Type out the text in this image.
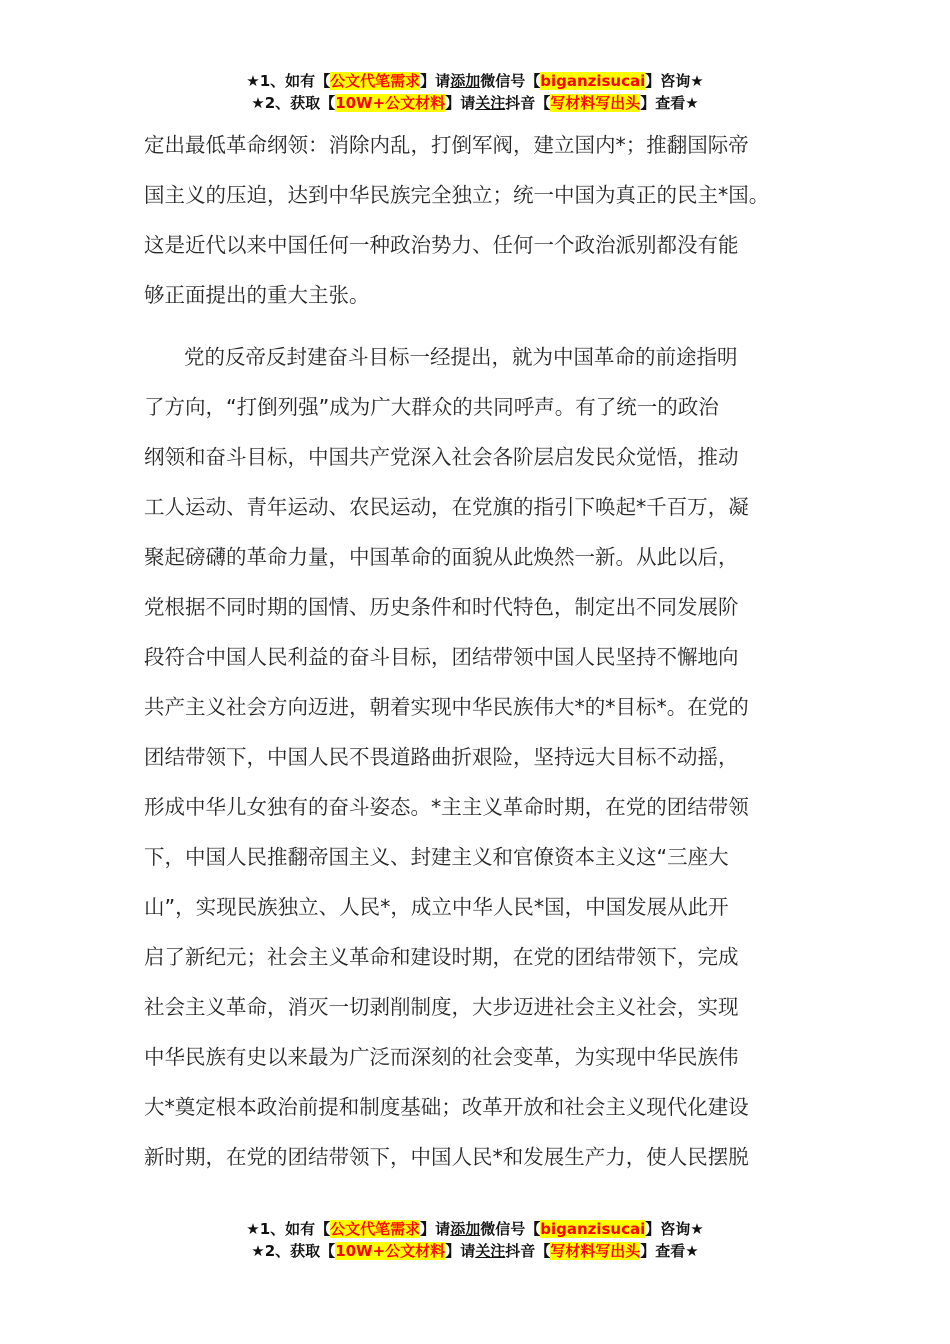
★1、如有【公文代笔需求】请添加微信号【biganzisucai】咨询★
★2、获取【10W+公文材料】请关注抖音【写材料写出头】查看★

定出最低革命纲领：消除内乱，打倒军阀，建立国内*；推翻国际帝
国主义的压迫，达到中华民族完全独立；统一中国为真正的民主*国。
这是近代以来中国任何一种政治势力、任何一个政治派别都没有能
够正面提出的重大主张。

党的反帝反封建奋斗目标一经提出，就为中国革命的前途指明
了方向，“打倒列强”成为广大群众的共同呼声。有了统一的政治
纲领和奋斗目标，中国共产党深入社会各阶层启发民众觉悟，推动
工人运动、青年运动、农民运动，在党旗的指引下唤起*千百万，凝
聚起磅礴的革命力量，中国革命的面貌从此焕然一新。从此以后，
党根据不同时期的国情、历史条件和时代特色，制定出不同发展阶
段符合中国人民利益的奋斗目标，团结带领中国人民坚持不懈地向
共产主义社会方向迈进，朝着实现中华民族伟大*的*目标*。在党的
团结带领下，中国人民不畏道路曲折艰险，坚持远大目标不动摇，
形成中华儿女独有的奋斗姿态。*主主义革命时期，在党的团结带领
下，中国人民推翻帝国主义、封建主义和官僚资本主义这“三座大
山”，实现民族独立、人民*，成立中华人民*国，中国发展从此开
启了新纪元；社会主义革命和建设时期，在党的团结带领下，完成
社会主义革命，消灭一切剥削制度，大步迈进社会主义社会，实现
中华民族有史以来最为广泛而深刻的社会变革，为实现中华民族伟
大*奠定根本政治前提和制度基础；改革开放和社会主义现代化建设
新时期，在党的团结带领下，中国人民*和发展生产力，使人民摆脱

★1、如有【公文代笔需求】请添加微信号【biganzisucai】咨询★
★2、获取【10W+公文材料】请关注抖音【写材料写出头】查看★
